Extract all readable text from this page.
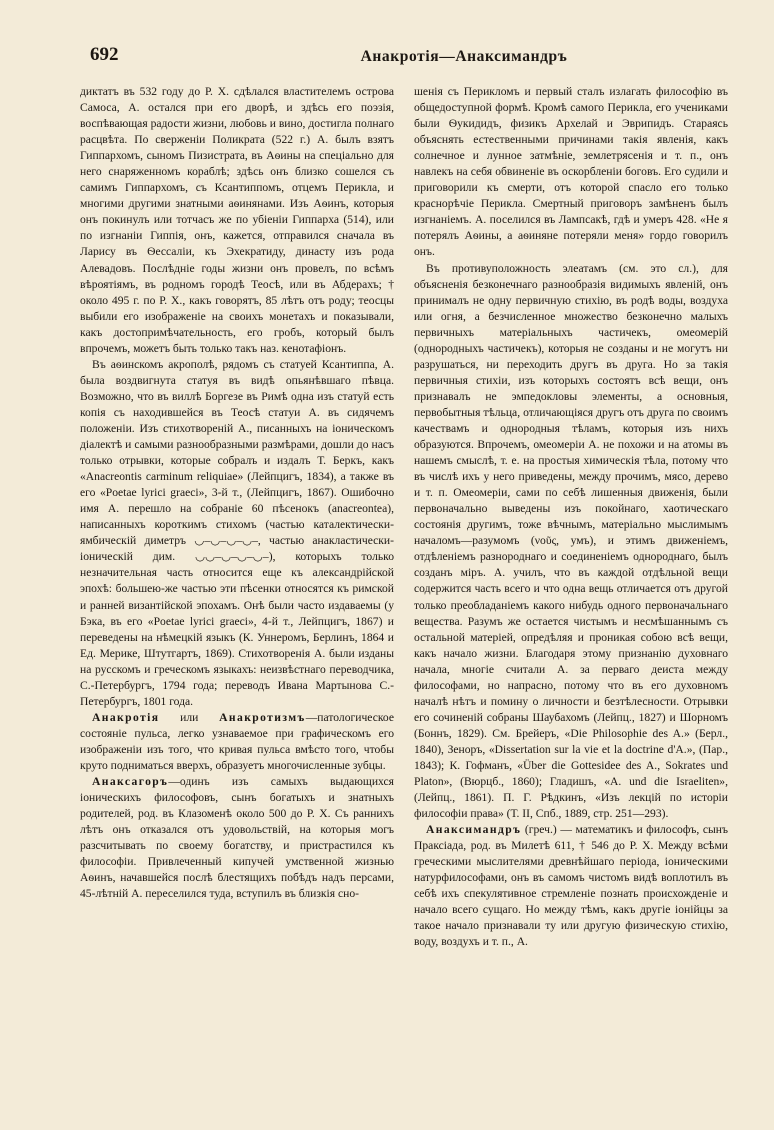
692	Анакротія—Анаксимандръ

диктатъ въ 532 году до Р. Х. сдѣлался властителемъ острова Самоса, А. остался при его дворѣ, и здѣсь его поэзія, воспѣвающая радости жизни, любовь и вино, достигла полнаго расцвѣта. По сверженіи Поликрата (522 г.) А. былъ взятъ Гиппархомъ, сыномъ Пизистрата, въ Аѳины на спеціально для него снаряженномъ кораблѣ; здѣсь онъ близко сошелся съ самимъ Гиппархомъ, съ Ксантиппомъ, отцемъ Перикла, и многими другими знатными аѳинянами. Изъ Аѳинъ, которыя онъ покинулъ или тотчасъ же по убіеніи Гиппарха (514), или по изгнаніи Гиппія, онъ, кажется, отправился сначала въ Ларису въ Ѳессаліи, къ Эхекратиду, династу изъ рода Алевадовъ. Послѣдніе годы жизни онъ провелъ, по всѣмъ вѣроятіямъ, въ родномъ городѣ Теосѣ, или въ Абдерахъ; † около 495 г. по Р. Х., какъ говорятъ, 85 лѣтъ отъ роду; теосцы выбили его изображеніе на своихъ монетахъ и показывали, какъ достопримѣчательность, его гробъ, который былъ впрочемъ, можетъ быть только такъ наз. кенотафіонъ.

Въ аѳинскомъ акрополѣ, рядомъ съ статуей Ксантиппа, А. была воздвигнута статуя въ видѣ опьянѣвшаго пѣвца. Возможно, что въ виллѣ Боргезе въ Римѣ одна изъ статуй есть копія съ находившейся въ Теосѣ статуи А. въ сидячемъ положеніи. Изъ стихотвореній А., писанныхъ на іоническомъ діалектѣ и самыми разнообразными размѣрами, дошли до насъ только отрывки, которые собралъ и издалъ Т. Беркъ, какъ «Anacreontis carminum reliquiae» (Лейпцигъ, 1834), а также въ его «Poetae lyrici graeci», 3-й т., (Лейпцигъ, 1867). Ошибочно имя А. перешло на собраніе 60 пѣсенокъ (anacreontea), написанныхъ короткимъ стихомъ (частью каталектически-ямбическій диметръ ◡–◡–◡–◡–, частью анакластически-іоническій дим. ◡◡–◡–◡–◡–), которыхъ только незначительная часть относится еще къ александрійской эпохѣ: большею-же частью эти пѣсенки относятся къ римской и ранней византійской эпохамъ. Онѣ были часто издаваемы (у Бэка, въ его «Poetae lyrici graeci», 4-й т., Лейпцигъ, 1867) и переведены на нѣмецкій языкъ (К. Уннеромъ, Берлинъ, 1864 и Ед. Мерике, Штутгартъ, 1869). Стихотворенія А. были изданы на русскомъ и греческомъ языкахъ: неизвѣстнаго переводчика, С.-Петербургъ, 1794 года; переводъ Ивана Мартынова С.-Петербургъ, 1801 года.

Анакротія или Анакротизмъ—патологическое состояніе пульса, легко узнаваемое при графическомъ его изображеніи изъ того, что кривая пульса вмѣсто того, чтобы круто подниматься вверхъ, образуетъ многочисленные зубцы.

Анаксагоръ—одинъ изъ самыхъ выдающихся іоническихъ философовъ, сынъ богатыхъ и знатныхъ родителей, род. въ Клазоменѣ около 500 до Р. Х. Съ раннихъ лѣтъ онъ отказался отъ удовольствій, на которыя могъ разсчитывать по своему богатству, и пристрастился къ философіи. Привлеченный кипучей умственной жизнью Аѳинъ, начавшейся послѣ блестящихъ побѣдъ надъ персами, 45-лѣтній А. переселился туда, вступилъ въ близкія сно-

шенія съ Перикломъ и первый сталъ излагать философію въ общедоступной формѣ. Кромѣ самого Перикла, его учениками были Ѳукидидъ, физикъ Архелай и Эврипидъ. Стараясь объяснять естественными причинами такія явленія, какъ солнечное и лунное затмѣніе, землетрясенія и т. п., онъ навлекъ на себя обвиненіе въ оскорбленіи боговъ. Его судили и приговорили къ смерти, отъ которой спасло его только краснорѣчіе Перикла. Смертный приговоръ замѣненъ былъ изгнаніемъ. А. поселился въ Лампсакѣ, гдѣ и умеръ 428. «Не я потерялъ Аѳины, а аѳиняне потеряли меня» гордо говорилъ онъ.

Въ противуположность элеатамъ (см. это сл.), для объясненія безконечнаго разнообразія видимыхъ явленій, онъ принималъ не одну первичную стихію, въ родѣ воды, воздуха или огня, а безчисленное множество безконечно малыхъ первичныхъ матеріальныхъ частичекъ, омеомерій (однородныхъ частичекъ), которыя не созданы и не могутъ ни разрушаться, ни переходить другъ въ друга. Но за такія первичныя стихіи, изъ которыхъ состоятъ всѣ вещи, онъ признавалъ не эмпедокловы элементы, а основныя, первобытныя тѣльца, отличающіяся другъ отъ друга по своимъ качествамъ и однородныя тѣламъ, которыя изъ нихъ образуются. Впрочемъ, омеомеріи А. не похожи и на атомы въ нашемъ смыслѣ, т. е. на простыя химическія тѣла, потому что въ числѣ ихъ у него приведены, между прочимъ, мясо, дерево и т. п. Омеомеріи, сами по себѣ лишенныя движенія, были первоначально выведены изъ покойнаго, хаотическаго состоянія другимъ, тоже вѣчнымъ, матеріально мыслимымъ началомъ—разумомъ (νοῦς, умъ), и этимъ движеніемъ, отдѣленіемъ разнороднаго и соединеніемъ однороднаго, былъ созданъ міръ. А. училъ, что въ каждой отдѣльной вещи содержится часть всего и что одна вещь отличается отъ другой только преобладаніемъ какого нибудь одного первоначальнаго вещества. Разумъ же остается чистымъ и несмѣшаннымъ съ остальной матеріей, опредѣляя и проникая собою всѣ вещи, какъ начало жизни. Благодаря этому признанію духовнаго начала, многіе считали А. за перваго деиста между философами, но напрасно, потому что въ его духовномъ началѣ нѣтъ и помину о личности и безтѣлесности. Отрывки его сочиненій собраны Шаубахомъ (Лейпц., 1827) и Шорномъ (Боннъ, 1829). См. Брейеръ, «Die Philosophie des A.» (Берл., 1840), Зеноръ, «Dissertation sur la vie et la doctrine d'A.», (Пар., 1843); К. Гофманъ, «Über die Gottesidee des A., Sokrates und Platon», (Вюрцб., 1860); Гладишъ, «A. und die Israeliten», (Лейпц., 1861). П. Г. Рѣдкинъ, «Изъ лекцій по исторіи философіи права» (Т. II, Спб., 1889, стр. 251—293).

Анаксимандръ (греч.) — математикъ и философъ, сынъ Праксіада, род. въ Милетѣ 611, † 546 до Р. Х. Между всѣми греческими мыслителями древнѣйшаго періода, іоническими натурфилософами, онъ въ самомъ чистомъ видѣ воплотилъ въ себѣ ихъ спекулятивное стремленіе познать происхожденіе и начало всего сущаго. Но между тѣмъ, какъ другіе іонійцы за такое начало признавали ту или другую физическую стихію, воду, воздухъ и т. п., А.
